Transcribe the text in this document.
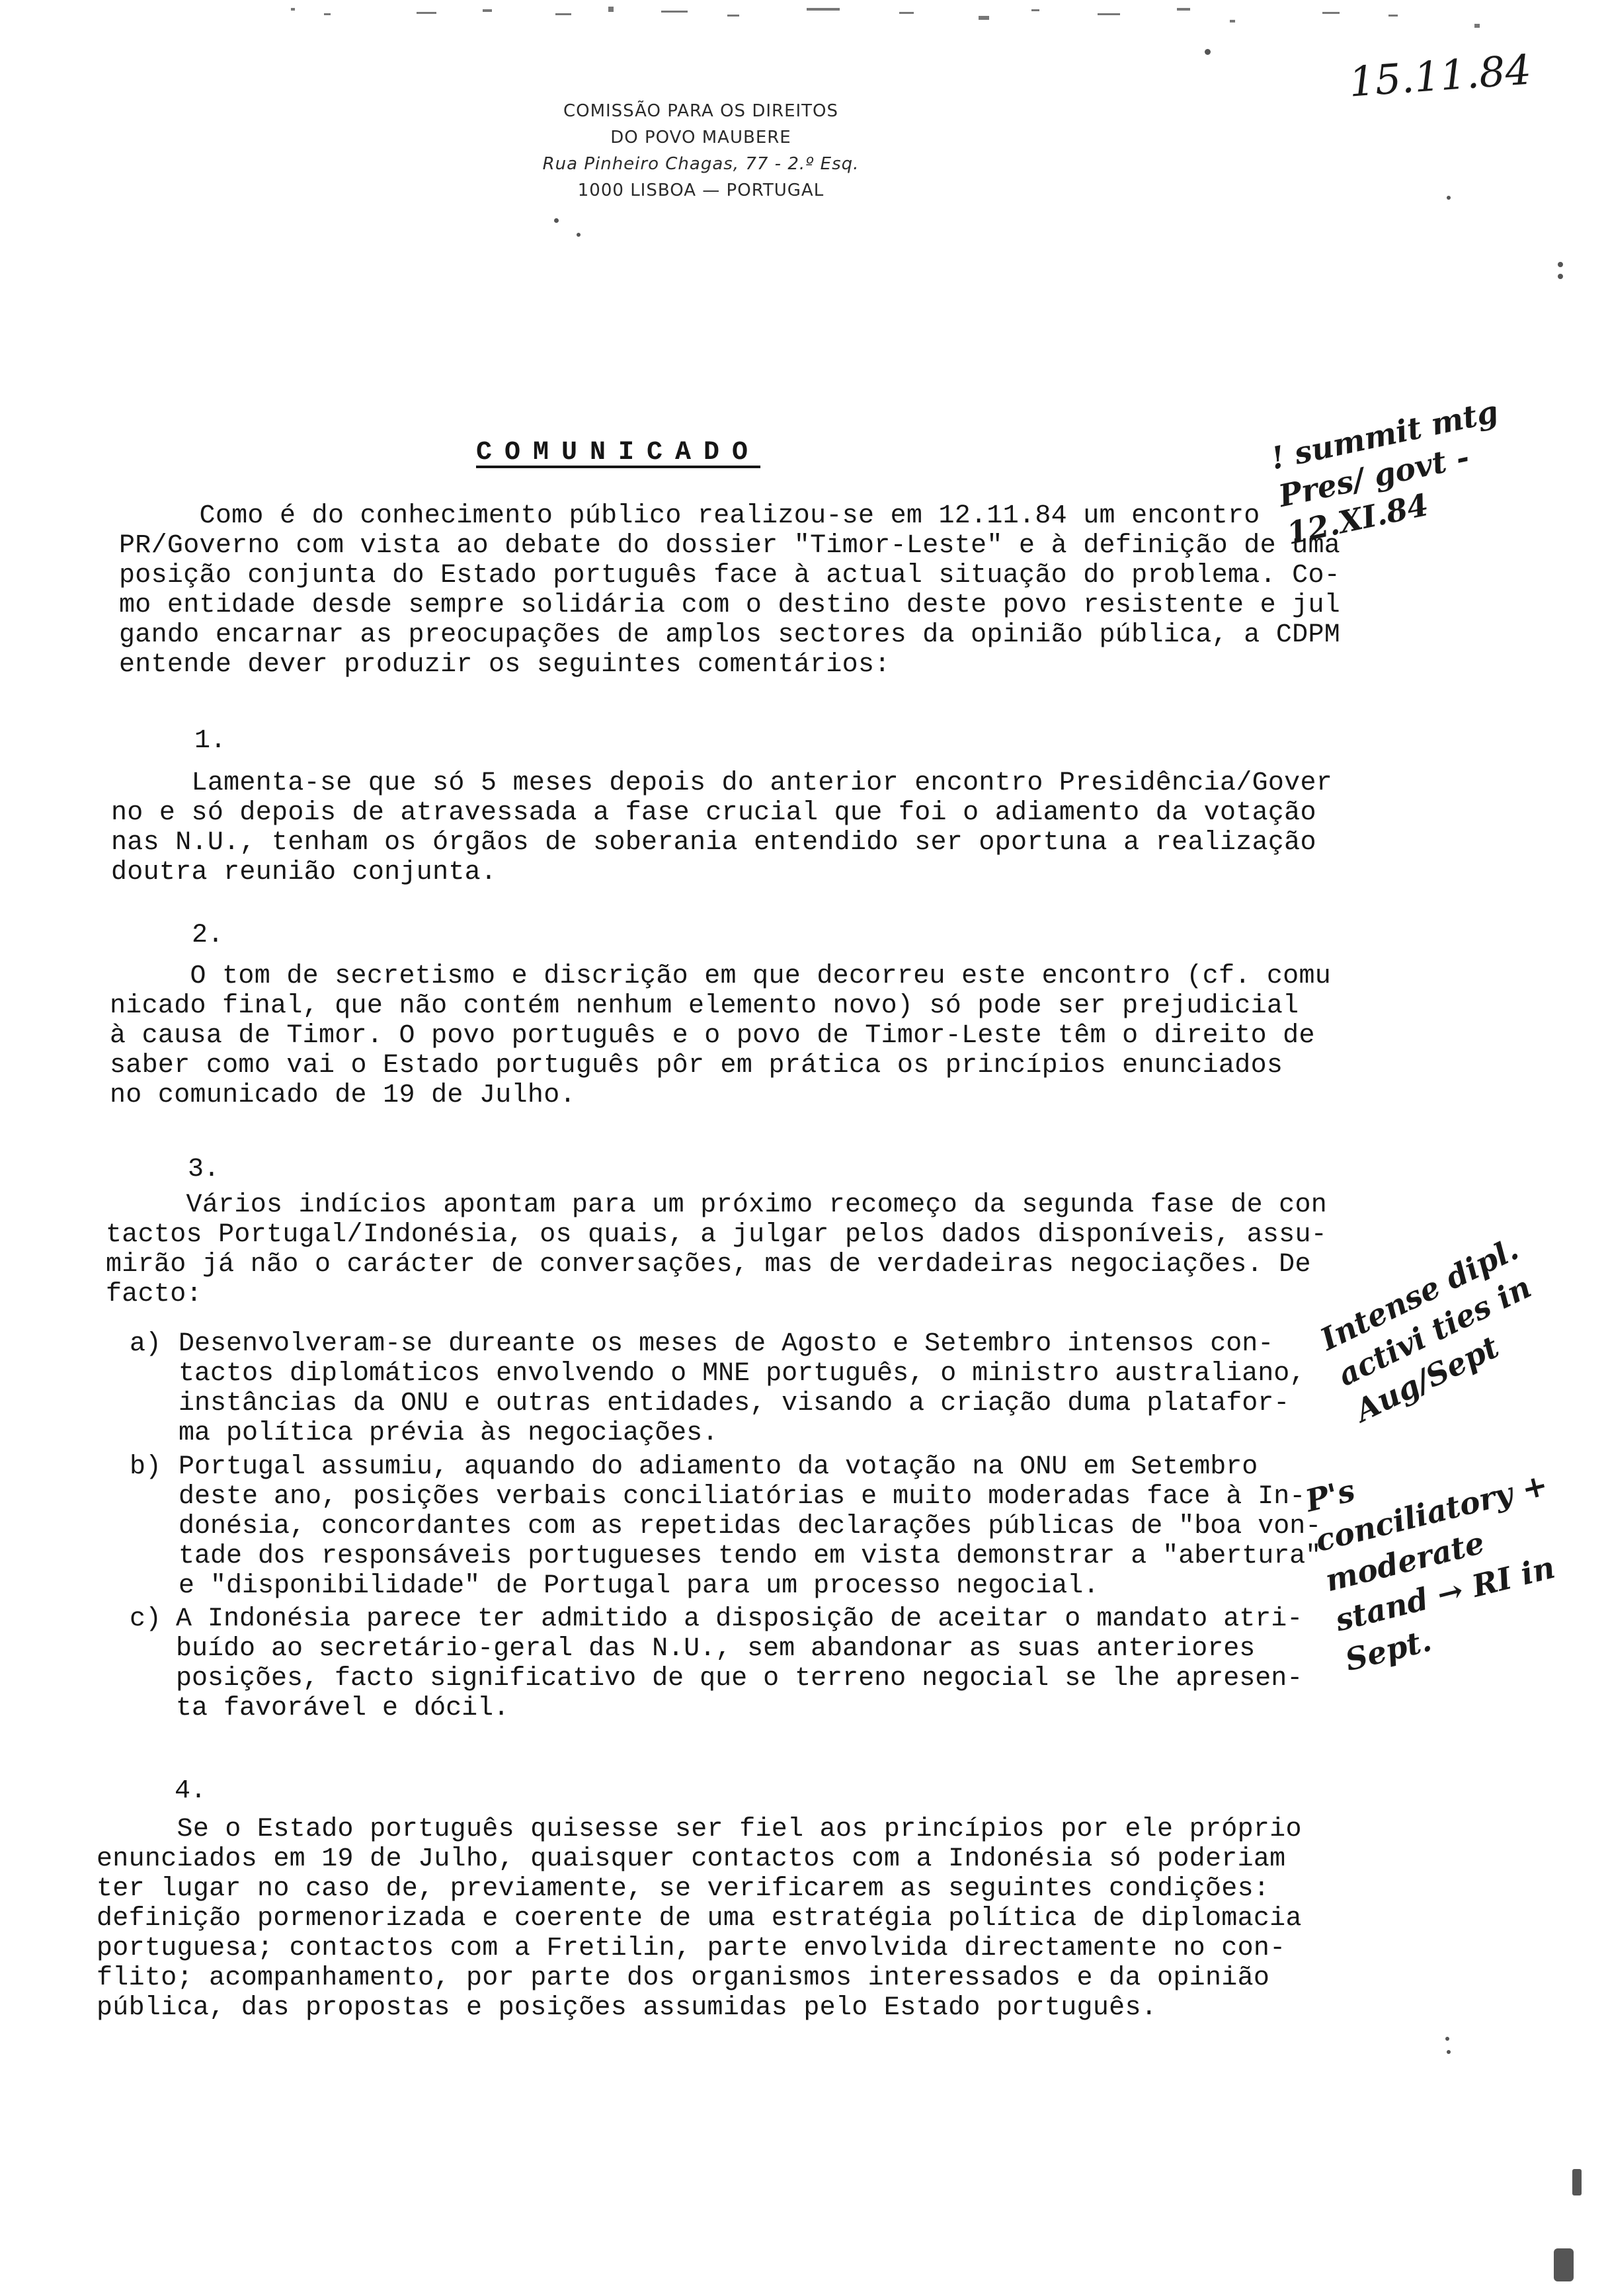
15.11.84
COMISSÃO PARA OS DIREITOS
DO POVO MAUBERE
Rua Pinheiro Chagas, 77 - 2.º Esq.
1000 LISBOA — PORTUGAL
COMUNICADO	! summit mtg Pres/ govt - 12.XI.84
Intense dipl. activi ties in Aug/Sept
P's conciliatory + moderate stand → RI in Sept.
Como é do conhecimento público realizou-se em 12.11.84 um encontro
PR/Governo com vista ao debate do dossier "Timor-Leste" e à definição de uma
posição conjunta do Estado português face à actual situação do problema. Co-
mo entidade desde sempre solidária com o destino deste povo resistente e jul
gando encarnar as preocupações de amplos sectores da opinião pública, a CDPM
entende dever produzir os seguintes comentários:
1.
Lamenta-se que só 5 meses depois do anterior encontro Presidência/Gover
no e só depois de atravessada a fase crucial que foi o adiamento da votação
nas N.U., tenham os órgãos de soberania entendido ser oportuna a realização
doutra reunião conjunta.
2.
O tom de secretismo e discrição em que decorreu este encontro (cf. comu
nicado final, que não contém nenhum elemento novo) só pode ser prejudicial
à causa de Timor. O povo português e o povo de Timor-Leste têm o direito de
saber como vai o Estado português pôr em prática os princípios enunciados
no comunicado de 19 de Julho.
3.
Vários indícios apontam para um próximo recomeço da segunda fase de con
tactos Portugal/Indonésia, os quais, a julgar pelos dados disponíveis, assu-
mirão já não o carácter de conversações, mas de verdadeiras negociações. De
facto:
a) Desenvolveram-se dureante os meses de Agosto e Setembro intensos con-
tactos diplomáticos envolvendo o MNE português, o ministro australiano,
instâncias da ONU e outras entidades, visando a criação duma platafor-
ma política prévia às negociações.
b) Portugal assumiu, aquando do adiamento da votação na ONU em Setembro
deste ano, posições verbais conciliatórias e muito moderadas face à In-
donésia, concordantes com as repetidas declarações públicas de "boa von-
tade dos responsáveis portugueses tendo em vista demonstrar a "abertura"
e "disponibilidade" de Portugal para um processo negocial.
c) A Indonésia parece ter admitido a disposição de aceitar o mandato atri-
buído ao secretário-geral das N.U., sem abandonar as suas anteriores
posições, facto significativo de que o terreno negocial se lhe apresen-
ta favorável e dócil.
4.
Se o Estado português quisesse ser fiel aos princípios por ele próprio
enunciados em 19 de Julho, quaisquer contactos com a Indonésia só poderiam
ter lugar no caso de, previamente, se verificarem as seguintes condições:
definição pormenorizada e coerente de uma estratégia política de diplomacia
portuguesa; contactos com a Fretilin, parte envolvida directamente no con-
flito; acompanhamento, por parte dos organismos interessados e da opinião
pública, das propostas e posições assumidas pelo Estado português.
